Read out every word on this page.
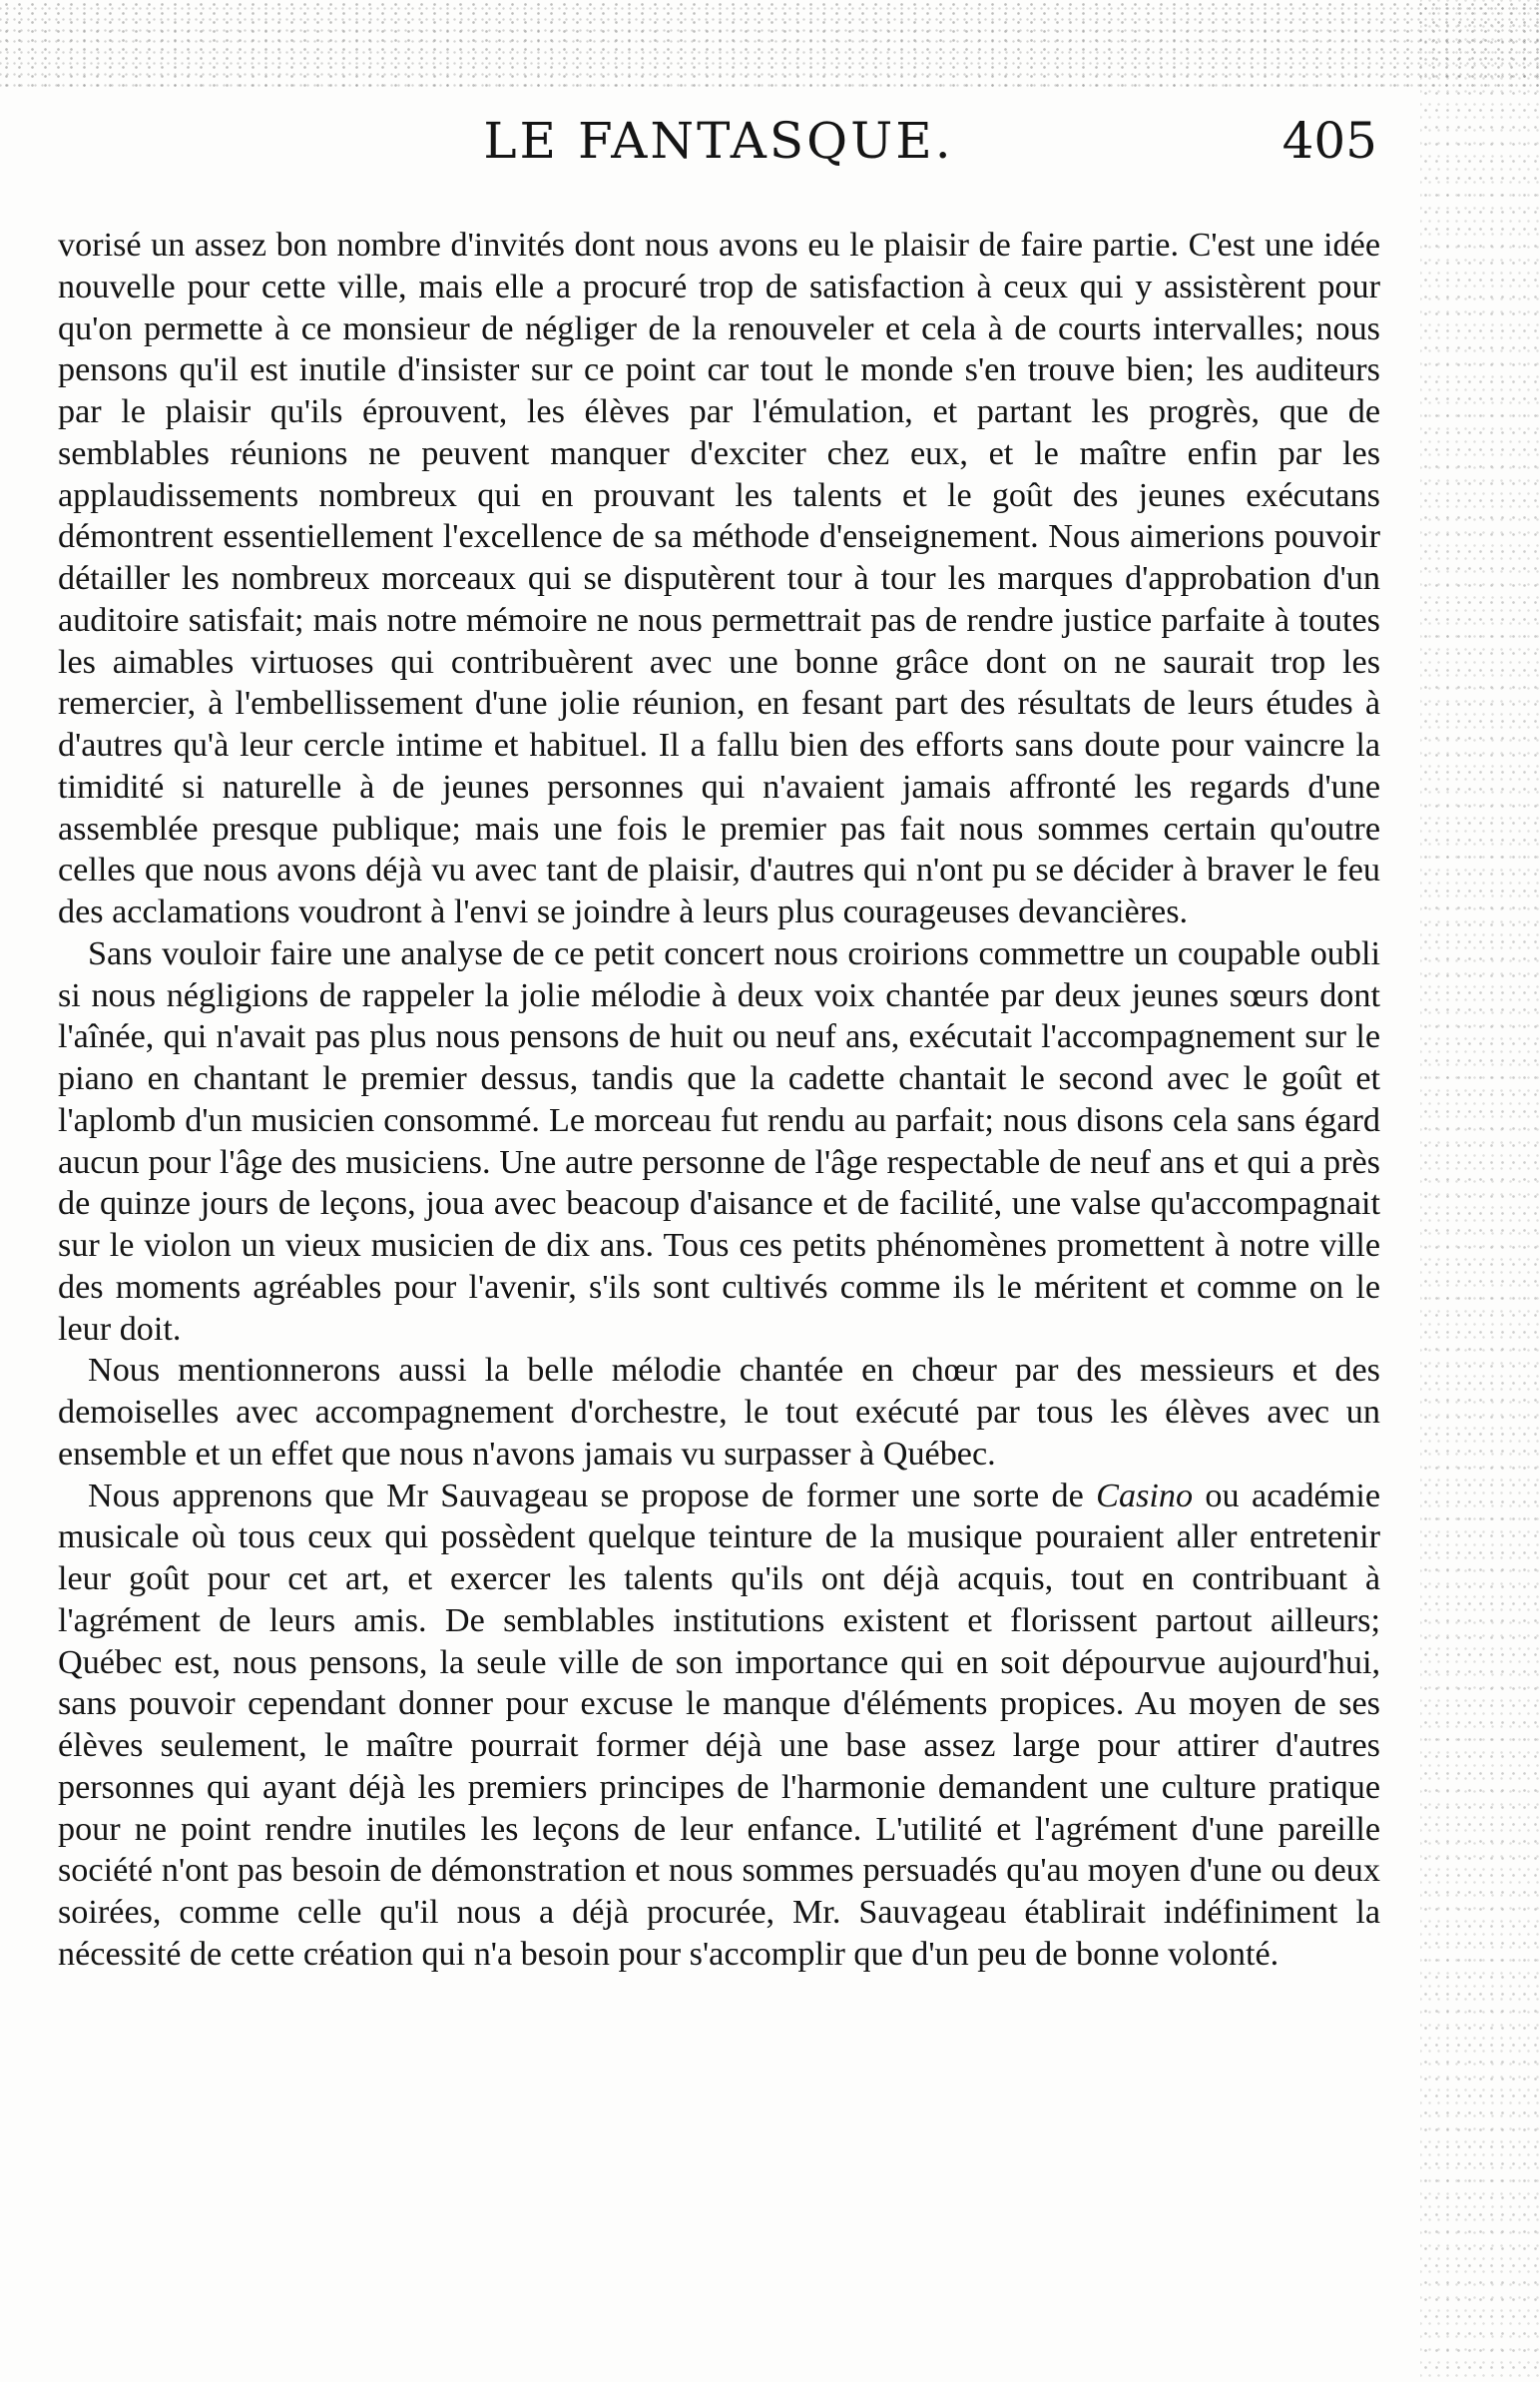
LE FANTASQUE.	405

vorisé un assez bon nombre d'invités dont nous avons eu le plaisir de faire partie. C'est une idée nouvelle pour cette ville, mais elle a procuré trop de satisfaction à ceux qui y assistèrent pour qu'on permette à ce monsieur de négliger de la renouveler et cela à de courts intervalles; nous pensons qu'il est inutile d'insister sur ce point car tout le monde s'en trouve bien; les auditeurs par le plaisir qu'ils éprouvent, les élèves par l'émulation, et partant les progrès, que de semblables réunions ne peuvent manquer d'exciter chez eux, et le maître enfin par les applaudissements nombreux qui en prouvant les talents et le goût des jeunes exécutans démontrent essentiellement l'excellence de sa méthode d'enseignement. Nous aimerions pouvoir détailler les nombreux morceaux qui se disputèrent tour à tour les marques d'approbation d'un auditoire satisfait; mais notre mémoire ne nous permettrait pas de rendre justice parfaite à toutes les aimables virtuoses qui contribuèrent avec une bonne grâce dont on ne saurait trop les remercier, à l'embellissement d'une jolie réunion, en fesant part des résultats de leurs études à d'autres qu'à leur cercle intime et habituel. Il a fallu bien des efforts sans doute pour vaincre la timidité si naturelle à de jeunes personnes qui n'avaient jamais affronté les regards d'une assemblée presque publique; mais une fois le premier pas fait nous sommes certain qu'outre celles que nous avons déjà vu avec tant de plaisir, d'autres qui n'ont pu se décider à braver le feu des acclamations voudront à l'envi se joindre à leurs plus courageuses devancières.

Sans vouloir faire une analyse de ce petit concert nous croirions commettre un coupable oubli si nous négligions de rappeler la jolie mélodie à deux voix chantée par deux jeunes sœurs dont l'aînée, qui n'avait pas plus nous pensons de huit ou neuf ans, exécutait l'accompagnement sur le piano en chantant le premier dessus, tandis que la cadette chantait le second avec le goût et l'aplomb d'un musicien consommé. Le morceau fut rendu au parfait; nous disons cela sans égard aucun pour l'âge des musiciens. Une autre personne de l'âge respectable de neuf ans et qui a près de quinze jours de leçons, joua avec beacoup d'aisance et de facilité, une valse qu'accompagnait sur le violon un vieux musicien de dix ans. Tous ces petits phénomènes promettent à notre ville des moments agréables pour l'avenir, s'ils sont cultivés comme ils le méritent et comme on le leur doit.

Nous mentionnerons aussi la belle mélodie chantée en chœur par des messieurs et des demoiselles avec accompagnement d'orchestre, le tout exécuté par tous les élèves avec un ensemble et un effet que nous n'avons jamais vu surpasser à Québec.

Nous apprenons que Mr Sauvageau se propose de former une sorte de Casino ou académie musicale où tous ceux qui possèdent quelque teinture de la musique pouraient aller entretenir leur goût pour cet art, et exercer les talents qu'ils ont déjà acquis, tout en contribuant à l'agrément de leurs amis. De semblables institutions existent et florissent partout ailleurs; Québec est, nous pensons, la seule ville de son importance qui en soit dépourvue aujourd'hui, sans pouvoir cependant donner pour excuse le manque d'éléments propices. Au moyen de ses élèves seulement, le maître pourrait former déjà une base assez large pour attirer d'autres personnes qui ayant déjà les premiers principes de l'harmonie demandent une culture pratique pour ne point rendre inutiles les leçons de leur enfance. L'utilité et l'agrément d'une pareille société n'ont pas besoin de démonstration et nous sommes persuadés qu'au moyen d'une ou deux soirées, comme celle qu'il nous a déjà procurée, Mr. Sauvageau établirait indéfiniment la nécessité de cette création qui n'a besoin pour s'accomplir que d'un peu de bonne volonté.
